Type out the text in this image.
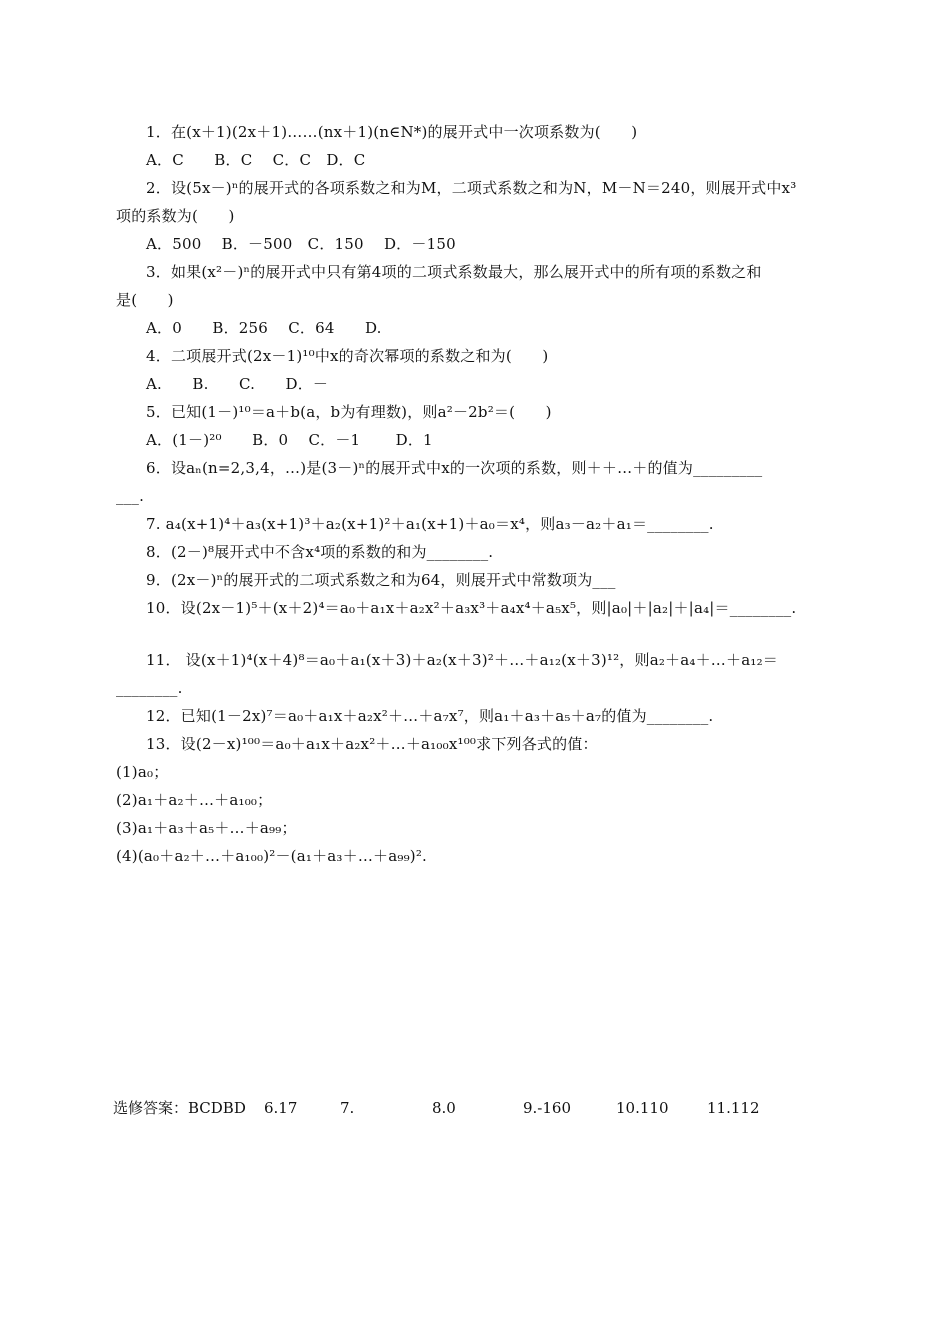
1．在(x＋1)(2x＋1)……(nx＋1)(n∈N*)的展开式中一次项系数为(　　)
A．C　　B．C　 C．C　D．C
2．设(5x－)ⁿ的展开式的各项系数之和为M，二项式系数之和为N，M－N＝240，则展开式中x³
项的系数为(　　)
A．500　 B．－500　C．150　 D．－150
3．如果(x²－)ⁿ的展开式中只有第4项的二项式系数最大，那么展开式中的所有项的系数之和
是(　　)
A．0　　B．256　 C．64　　D.
4．二项展开式(2x－1)¹⁰中x的奇次幂项的系数之和为(　　)
A.　　B.　　C.　　D．－
5．已知(1－)¹⁰＝a＋b(a，b为有理数)，则a²－2b²＝(　　)
A．(1－)²⁰　　B．0　 C．－1　　 D．1
6．设aₙ(n=2,3,4，…)是(3－)ⁿ的展开式中x的一次项的系数，则＋＋…＋的值为_________
___.
7. a₄(x+1)⁴＋a₃(x+1)³＋a₂(x+1)²＋a₁(x+1)＋a₀＝x⁴，则a₃－a₂＋a₁＝________.
8．(2－)⁸展开式中不含x⁴项的系数的和为________.
9．(2x－)ⁿ的展开式的二项式系数之和为64，则展开式中常数项为___
10．设(2x－1)⁵＋(x＋2)⁴＝a₀＋a₁x＋a₂x²＋a₃x³＋a₄x⁴＋a₅x⁵，则|a₀|＋|a₂|＋|a₄|＝________.
11． 设(x＋1)⁴(x＋4)⁸＝a₀＋a₁(x＋3)＋a₂(x＋3)²＋…＋a₁₂(x＋3)¹²，则a₂＋a₄＋…＋a₁₂＝
________.
12．已知(1－2x)⁷＝a₀＋a₁x＋a₂x²＋…＋a₇x⁷，则a₁＋a₃＋a₅＋a₇的值为________.
13．设(2－x)¹⁰⁰＝a₀＋a₁x＋a₂x²＋…＋a₁₀₀x¹⁰⁰求下列各式的值：
(1)a₀；
(2)a₁＋a₂＋…＋a₁₀₀；
(3)a₁＋a₃＋a₅＋…＋a₉₉；
(4)(a₀＋a₂＋…＋a₁₀₀)²－(a₁＋a₃＋…＋a₉₉)².
选修答案：BCDBD 6.17	7.	8.0	9.-160	10.110	11.112
